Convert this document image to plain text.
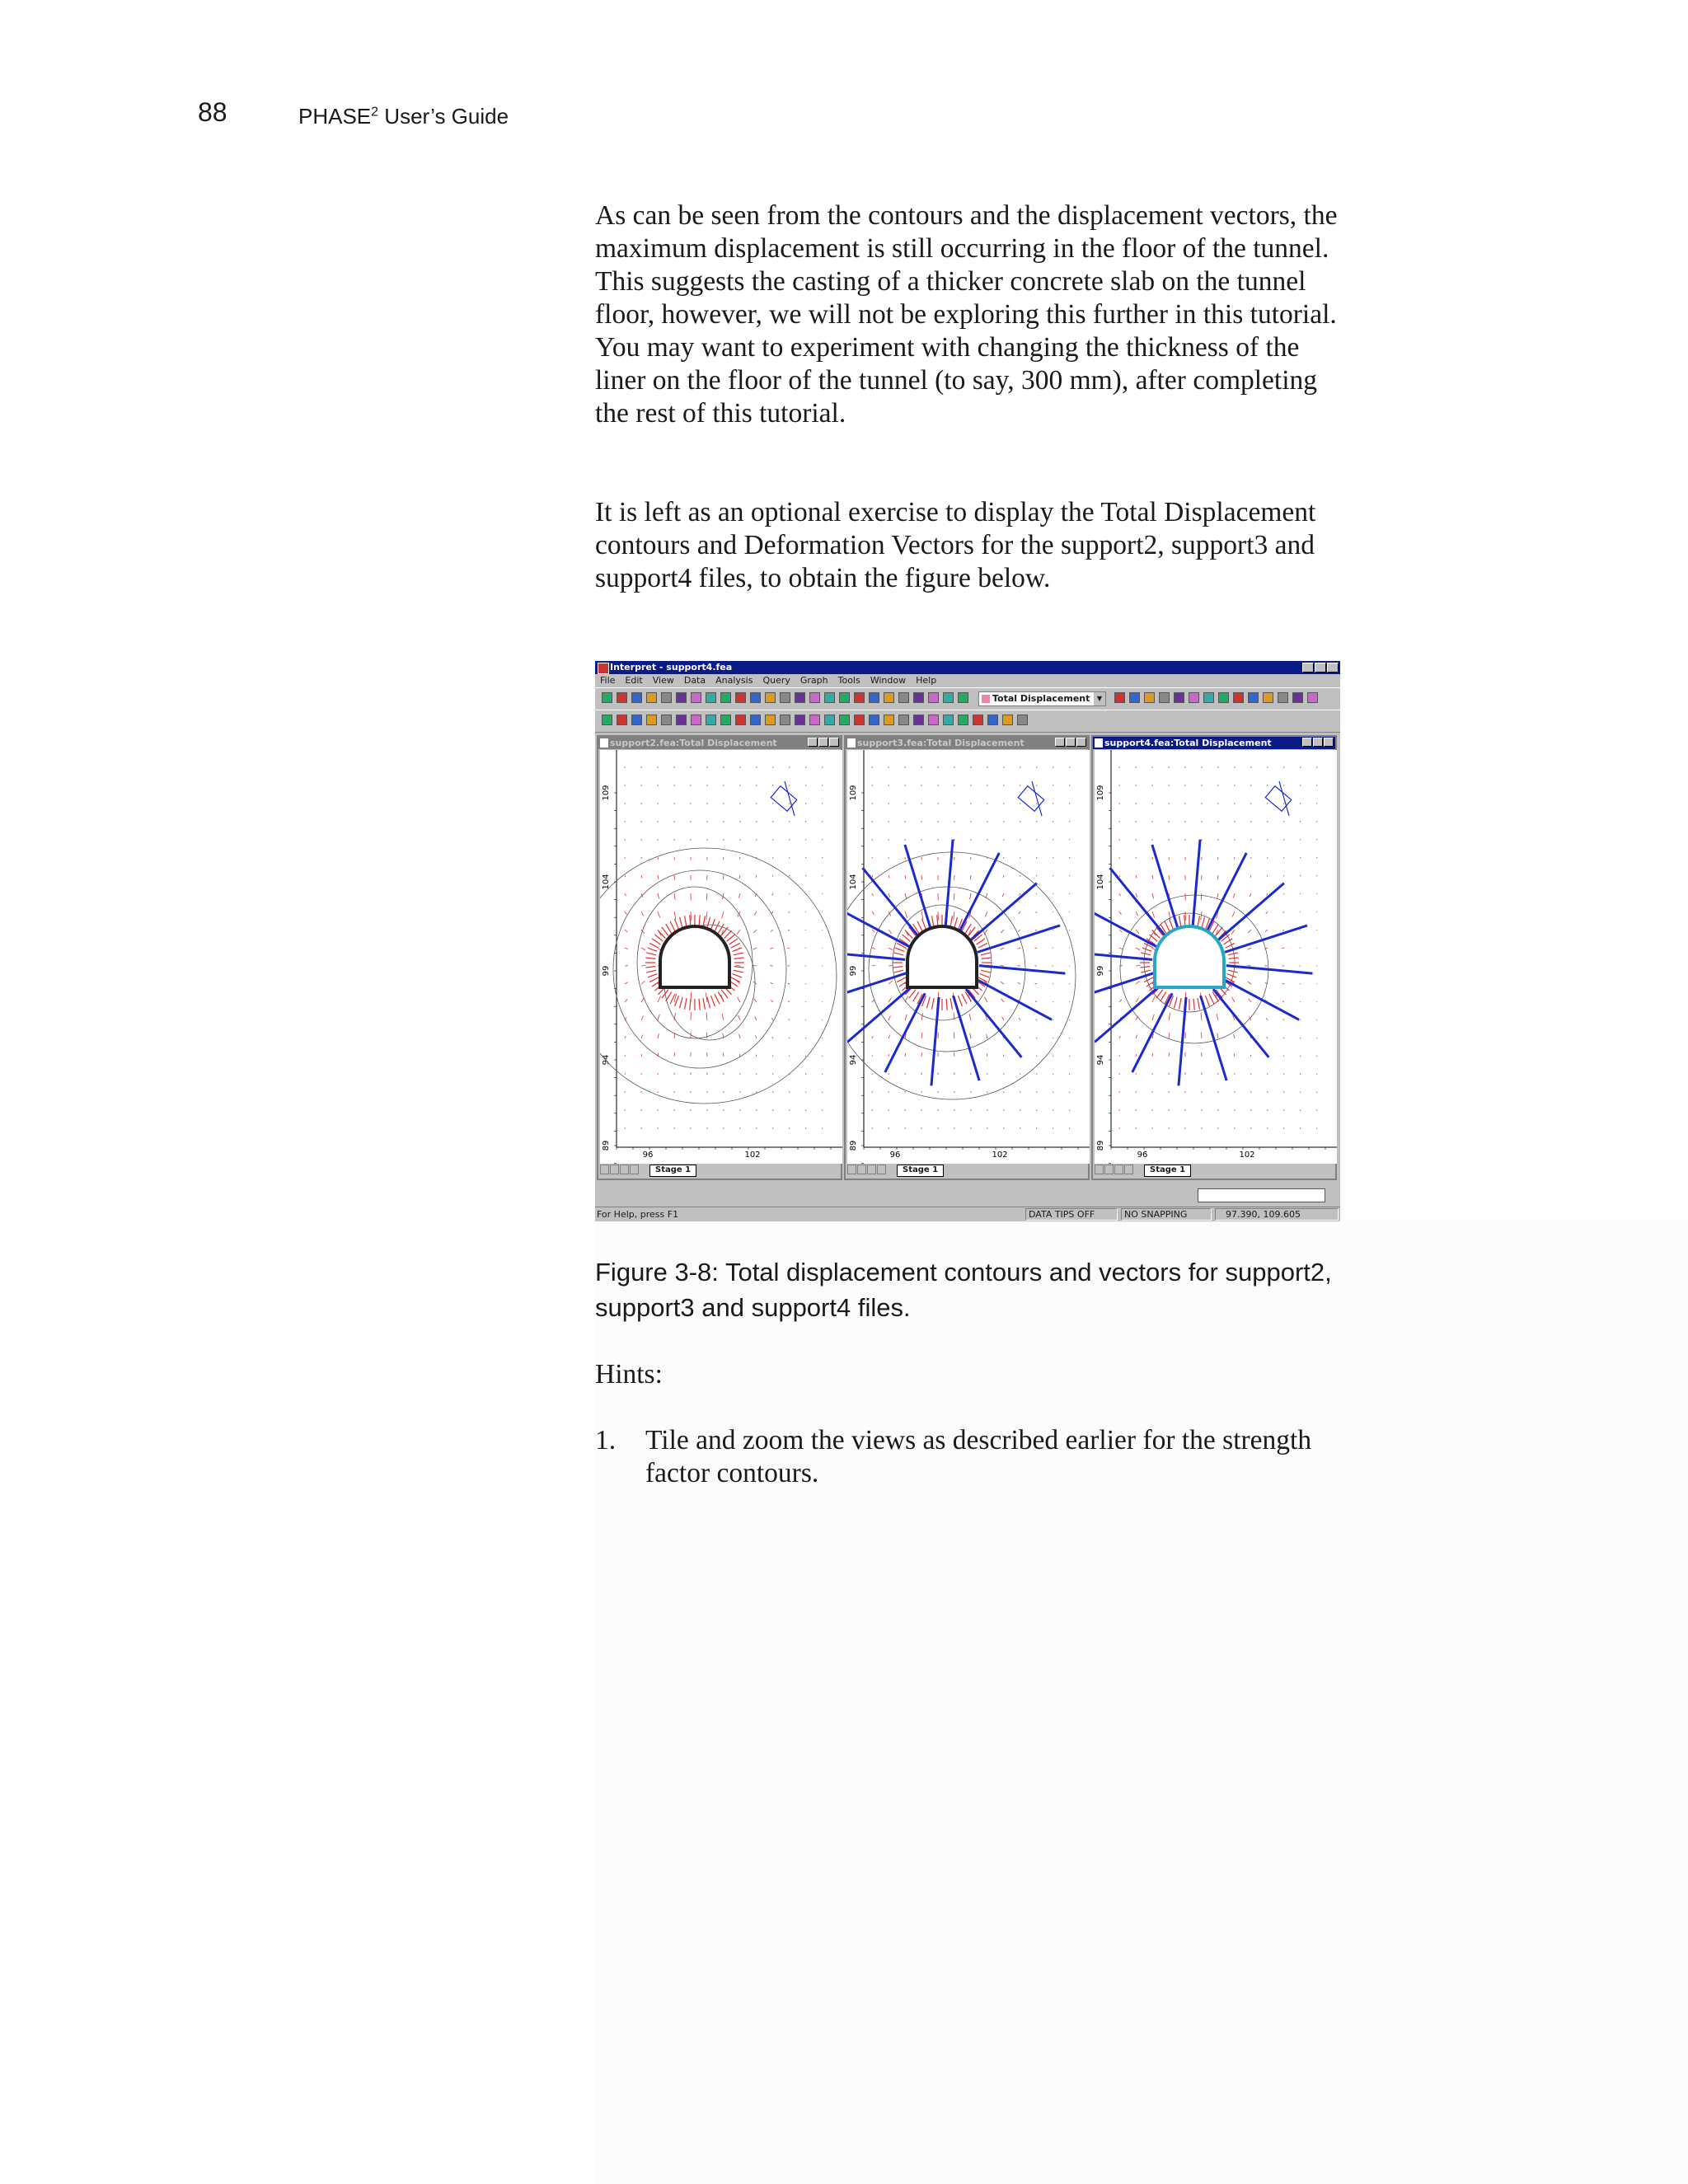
88	PHASE$^2$ User’s Guide
As can be seen from the contours and the displacement vectors, the maximum displacement is still occurring in the floor of the tunnel. This suggests the casting of a thicker concrete slab on the tunnel floor, however, we will not be exploring this further in this tutorial. You may want to experiment with changing the thickness of the liner on the floor of the tunnel (to say, 300 mm), after completing the rest of this tutorial.
It is left as an optional exercise to display the Total Displacement contours and Deformation Vectors for the support2, support3 and support4 files, to obtain the figure below.
Interpret - support4.fea
File Edit View Data Analysis Query Graph Tools Window Help
Total Displacement	▼
support2.fea:Total Displacement
109
104
99
94
89
96	102
Stage 1
support3.fea:Total Displacement
109
104
99
94
89
96	102
Stage 1
support4.fea:Total Displacement
109
104
99
94
89
96	102
Stage 1
For Help, press F1	DATA TIPS OFF	NO SNAPPING	97.390, 109.605
Figure 3-8: Total displacement contours and vectors for support2, support3 and support4 files.
Hints:
1. Tile and zoom the views as described earlier for the strength factor contours.
